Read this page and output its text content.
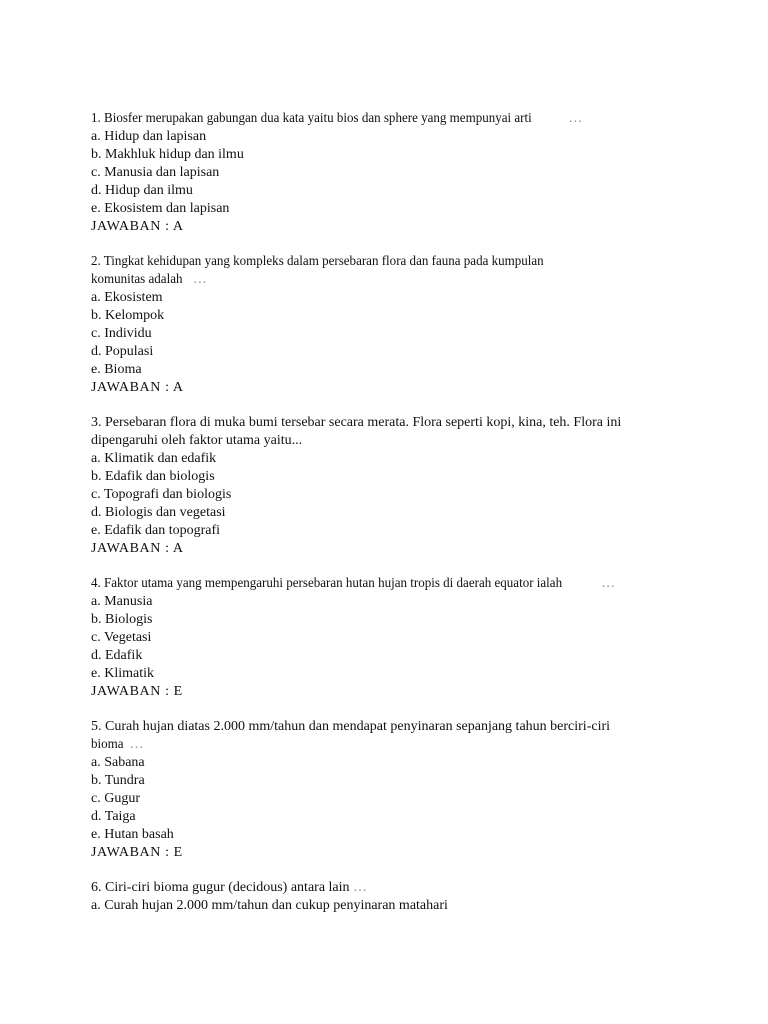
1. Biosfer merupakan gabungan dua kata yaitu bios dan sphere yang mempunyai arti	…
a. Hidup dan lapisan
b. Makhluk hidup dan ilmu
c. Manusia dan lapisan
d. Hidup dan ilmu
e. Ekosistem dan lapisan
JAWABAN : A
2. Tingkat kehidupan yang kompleks dalam persebaran flora dan fauna pada kumpulan
komunitas adalah …
a. Ekosistem
b. Kelompok
c. Individu
d. Populasi
e. Bioma
JAWABAN : A
3. Persebaran flora di muka bumi tersebar secara merata. Flora seperti kopi, kina, teh. Flora ini
dipengaruhi oleh faktor utama yaitu...
a. Klimatik dan edafik
b. Edafik dan biologis
c. Topografi dan biologis
d. Biologis dan vegetasi
e. Edafik dan topografi
JAWABAN : A
4. Faktor utama yang mempengaruhi persebaran hutan hujan tropis di daerah equator ialah	…
a. Manusia
b. Biologis
c. Vegetasi
d. Edafik
e. Klimatik
JAWABAN : E
5. Curah hujan diatas 2.000 mm/tahun dan mendapat penyinaran sepanjang tahun berciri-ciri
bioma …
a. Sabana
b. Tundra
c. Gugur
d. Taiga
e. Hutan basah
JAWABAN : E
6. Ciri-ciri bioma gugur (decidous) antara lain …
a. Curah hujan 2.000 mm/tahun dan cukup penyinaran matahari
